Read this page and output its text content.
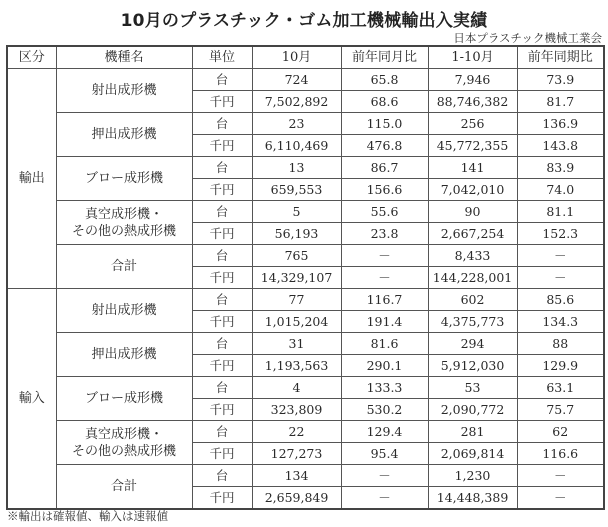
10月のプラスチック・ゴム加工機械輸出入実績
日本プラスチック機械工業会
区分	機種名	単位	10月	前年同月比	1-10月	前年同期比
輸出	射出成形機	台	724	65.8	7,946	73.9
		千円	7,502,892	68.6	88,746,382	81.7
	押出成形機	台	23	115.0	256	136.9
		千円	6,110,469	476.8	45,772,355	143.8
	ブロー成形機	台	13	86.7	141	83.9
		千円	659,553	156.6	7,042,010	74.0
	真空成形機・
その他の熱成形機	台	5	55.6	90	81.1
		千円	56,193	23.8	2,667,254	152.3
	合計	台	765	－	8,433	－
		千円	14,329,107	－	144,228,001	－
輸入	射出成形機	台	77	116.7	602	85.6
		千円	1,015,204	191.4	4,375,773	134.3
	押出成形機	台	31	81.6	294	88
		千円	1,193,563	290.1	5,912,030	129.9
	ブロー成形機	台	4	133.3	53	63.1
		千円	323,809	530.2	2,090,772	75.7
	真空成形機・
その他の熱成形機	台	22	129.4	281	62
		千円	127,273	95.4	2,069,814	116.6
	合計	台	134	－	1,230	－
		千円	2,659,849	－	14,448,389	－
※輸出は確報値、輸入は速報値
